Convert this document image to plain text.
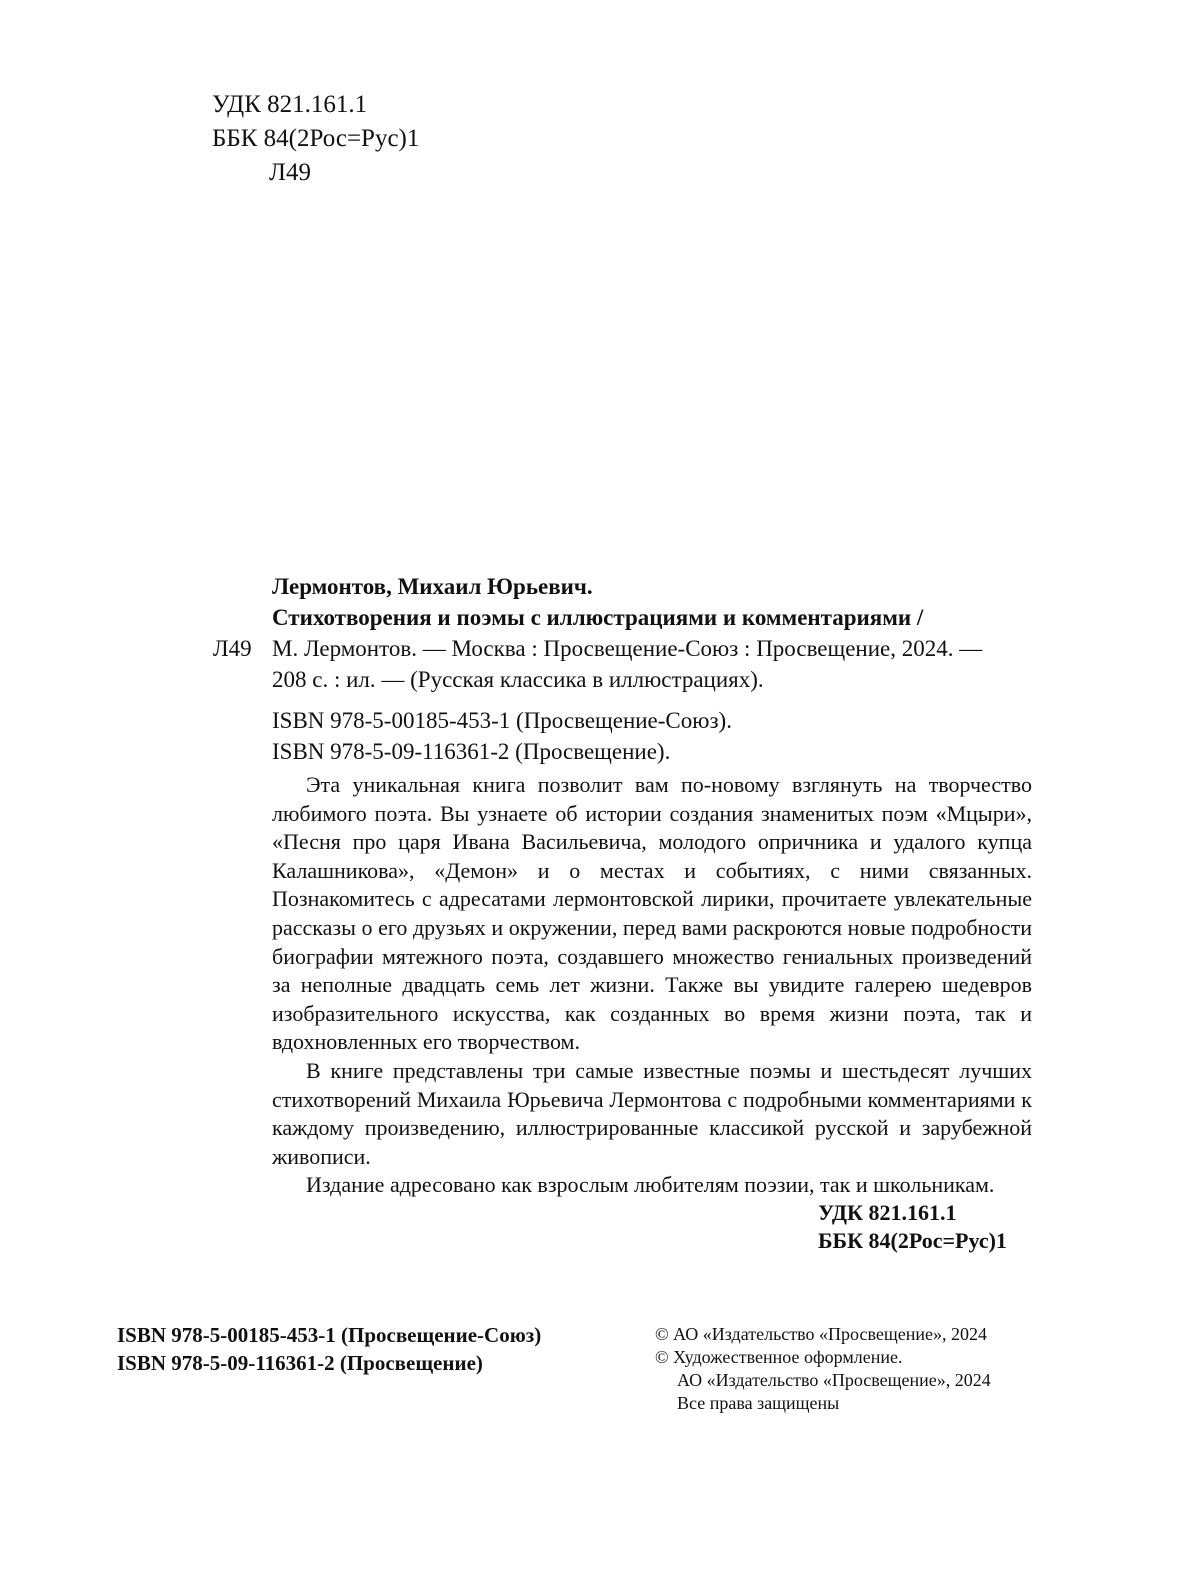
УДК 821.161.1
ББК 84(2Рос=Рус)1
Л49
Л49
Лермонтов, Михаил Юрьевич.
Стихотворения и поэмы с иллюстрациями и комментариями /
М. Лермонтов. — Москва : Просвещение-Союз : Просвещение, 2024. —
208 с. : ил. — (Русская классика в иллюстрациях).
ISBN 978-5-00185-453-1 (Просвещение-Союз).
ISBN 978-5-09-116361-2 (Просвещение).

Эта уникальная книга позволит вам по-новому взглянуть на творчество любимого поэта. Вы узнаете об истории создания знаменитых поэм «Мцыри», «Песня про царя Ивана Васильевича, молодого опричника и удалого купца Калашникова», «Демон» и о местах и событиях, с ними связанных. Познакомитесь с адресатами лермонтовской лирики, прочитаете увлекательные рассказы о его друзьях и окружении, перед вами раскроются новые подробности биографии мятежного поэта, создавшего множество гениальных произведений за неполные двадцать семь лет жизни. Также вы увидите галерею шедевров изобразительного искусства, как созданных во время жизни поэта, так и вдохновленных его творчеством.

В книге представлены три самые известные поэмы и шестьдесят лучших стихотворений Михаила Юрьевича Лермонтова с подробными комментариями к каждому произведению, иллюстрированные классикой русской и зарубежной живописи.

Издание адресовано как взрослым любителям поэзии, так и школьникам.

УДК 821.161.1
ББК 84(2Рос=Рус)1
ISBN 978-5-00185-453-1 (Просвещение-Союз)
ISBN 978-5-09-116361-2 (Просвещение)
© АО «Издательство «Просвещение», 2024
© Художественное оформление.
АО «Издательство «Просвещение», 2024
Все права защищены
